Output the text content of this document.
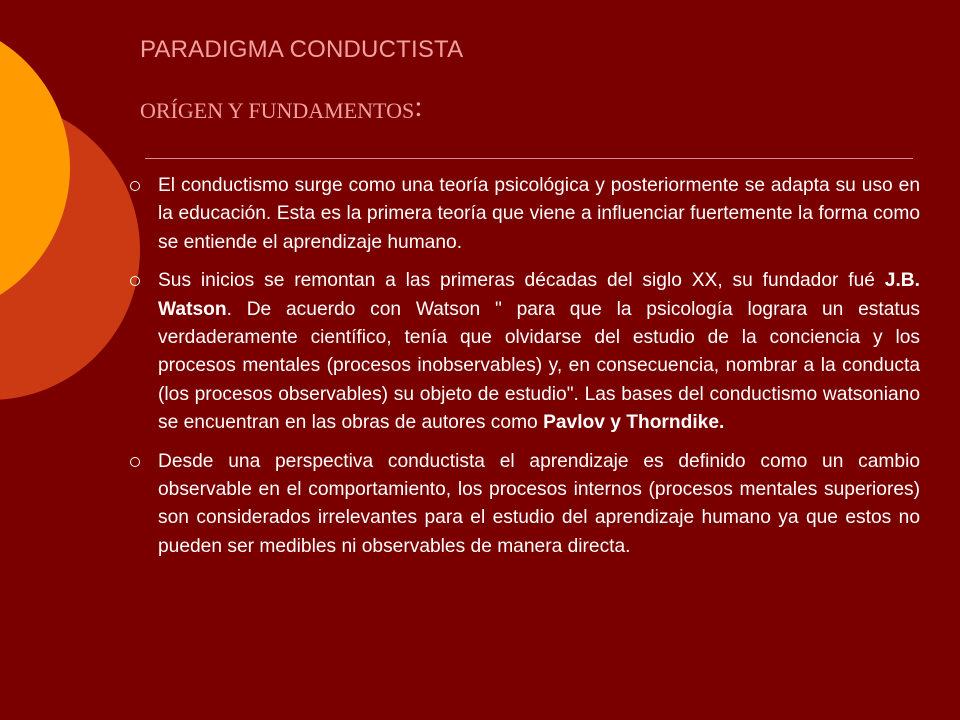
PARADIGMA CONDUCTISTA
ORÍGEN Y FUNDAMENTOS:
El conductismo surge como una teoría psicológica y posteriormente se adapta su uso en la educación. Esta es la primera teoría que viene a influenciar fuertemente la forma como se entiende el aprendizaje humano.
Sus inicios se remontan a las primeras décadas del siglo XX, su fundador fué J.B. Watson. De acuerdo con Watson " para que la psicología lograra un estatus verdaderamente científico, tenía que olvidarse del estudio de la conciencia y los procesos mentales (procesos inobservables) y, en consecuencia, nombrar a la conducta (los procesos observables) su objeto de estudio". Las bases del conductismo watsoniano se encuentran en las obras de autores como Pavlov y Thorndike.
Desde una perspectiva conductista el aprendizaje es definido como un cambio observable en el comportamiento, los procesos internos (procesos mentales superiores) son considerados irrelevantes para el estudio del aprendizaje humano ya que estos no pueden ser medibles ni observables de manera directa.
